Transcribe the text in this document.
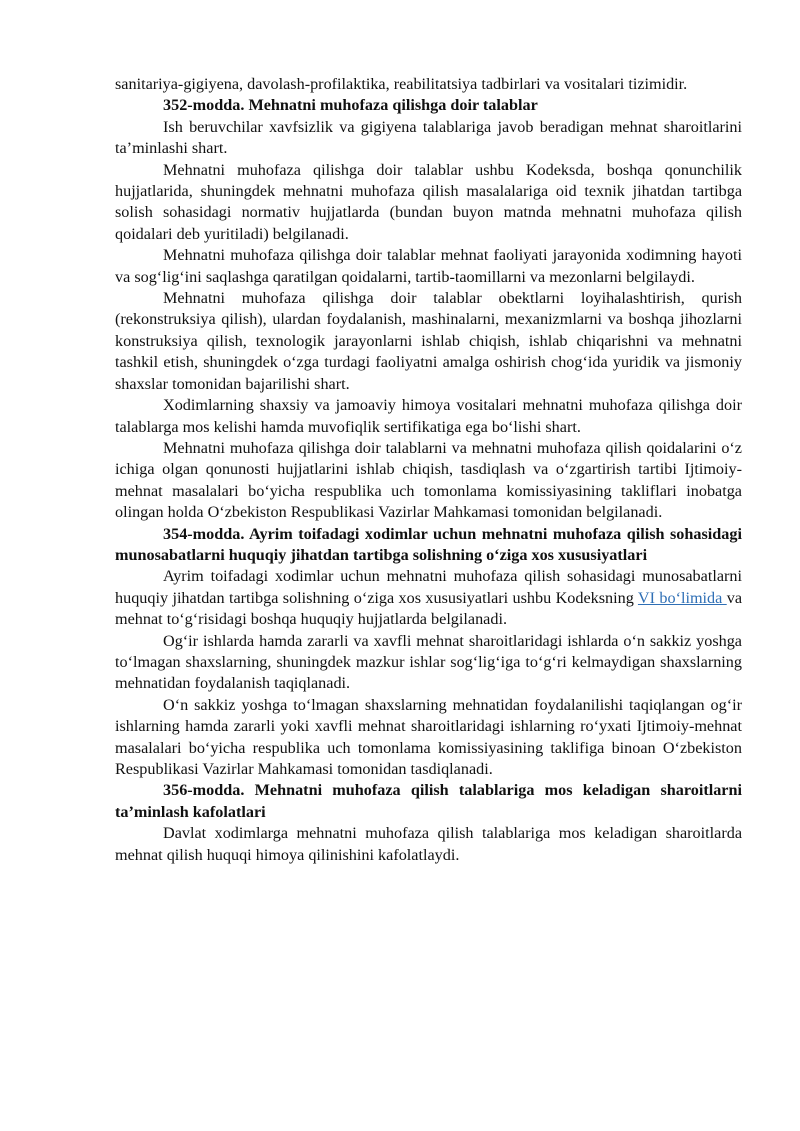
sanitariya-gigiyena, davolash-profilaktika, reabilitatsiya tadbirlari va vositalari tizimidir.

352-modda. Mehnatni muhofaza qilishga doir talablar

Ish beruvchilar xavfsizlik va gigiyena talablariga javob beradigan mehnat sharoitlarini ta’minlashi shart.

Mehnatni muhofaza qilishga doir talablar ushbu Kodeksda, boshqa qonunchilik hujjatlarida, shuningdek mehnatni muhofaza qilish masalalariga oid texnik jihatdan tartibga solish sohasidagi normativ hujjatlarda (bundan buyon matnda mehnatni muhofaza qilish qoidalari deb yuritiladi) belgilanadi.

Mehnatni muhofaza qilishga doir talablar mehnat faoliyati jarayonida xodimning hayoti va sog‘lig‘ini saqlashga qaratilgan qoidalarni, tartib-taomillarni va mezonlarni belgilaydi.

Mehnatni muhofaza qilishga doir talablar obektlarni loyihalashtirish, qurish (rekonstruksiya qilish), ulardan foydalanish, mashinalarni, mexanizmlarni va boshqa jihozlarni konstruksiya qilish, texnologik jarayonlarni ishlab chiqish, ishlab chiqarishni va mehnatni tashkil etish, shuningdek o‘zga turdagi faoliyatni amalga oshirish chog‘ida yuridik va jismoniy shaxslar tomonidan bajarilishi shart.

Xodimlarning shaxsiy va jamoaviy himoya vositalari mehnatni muhofaza qilishga doir talablarga mos kelishi hamda muvofiqlik sertifikatiga ega bo‘lishi shart.

Mehnatni muhofaza qilishga doir talablarni va mehnatni muhofaza qilish qoidalarini o‘z ichiga olgan qonunosti hujjatlarini ishlab chiqish, tasdiqlash va o‘zgartirish tartibi Ijtimoiy-mehnat masalalari bo‘yicha respublika uch tomonlama komissiyasining takliflari inobatga olingan holda O‘zbekiston Respublikasi Vazirlar Mahkamasi tomonidan belgilanadi.

354-modda. Ayrim toifadagi xodimlar uchun mehnatni muhofaza qilish sohasidagi munosabatlarni huquqiy jihatdan tartibga solishning o‘ziga xos xususiyatlari

Ayrim toifadagi xodimlar uchun mehnatni muhofaza qilish sohasidagi munosabatlarni huquqiy jihatdan tartibga solishning o‘ziga xos xususiyatlari ushbu Kodeksning VI bo‘limida va mehnat to‘g‘risidagi boshqa huquqiy hujjatlarda belgilanadi.

Og‘ir ishlarda hamda zararli va xavfli mehnat sharoitlaridagi ishlarda o‘n sakkiz yoshga to‘lmagan shaxslarning, shuningdek mazkur ishlar sog‘lig‘iga to‘g‘ri kelmaydigan shaxslarning mehnatidan foydalanish taqiqlanadi.

O‘n sakkiz yoshga to‘lmagan shaxslarning mehnatidan foydalanilishi taqiqlangan og‘ir ishlarning hamda zararli yoki xavfli mehnat sharoitlaridagi ishlarning ro‘yxati Ijtimoiy-mehnat masalalari bo‘yicha respublika uch tomonlama komissiyasining taklifiga binoan O‘zbekiston Respublikasi Vazirlar Mahkamasi tomonidan tasdiqlanadi.

356-modda. Mehnatni muhofaza qilish talablariga mos keladigan sharoitlarni ta’minlash kafolatlari

Davlat xodimlarga mehnatni muhofaza qilish talablariga mos keladigan sharoitlarda mehnat qilish huquqi himoya qilinishini kafolatlaydi.
